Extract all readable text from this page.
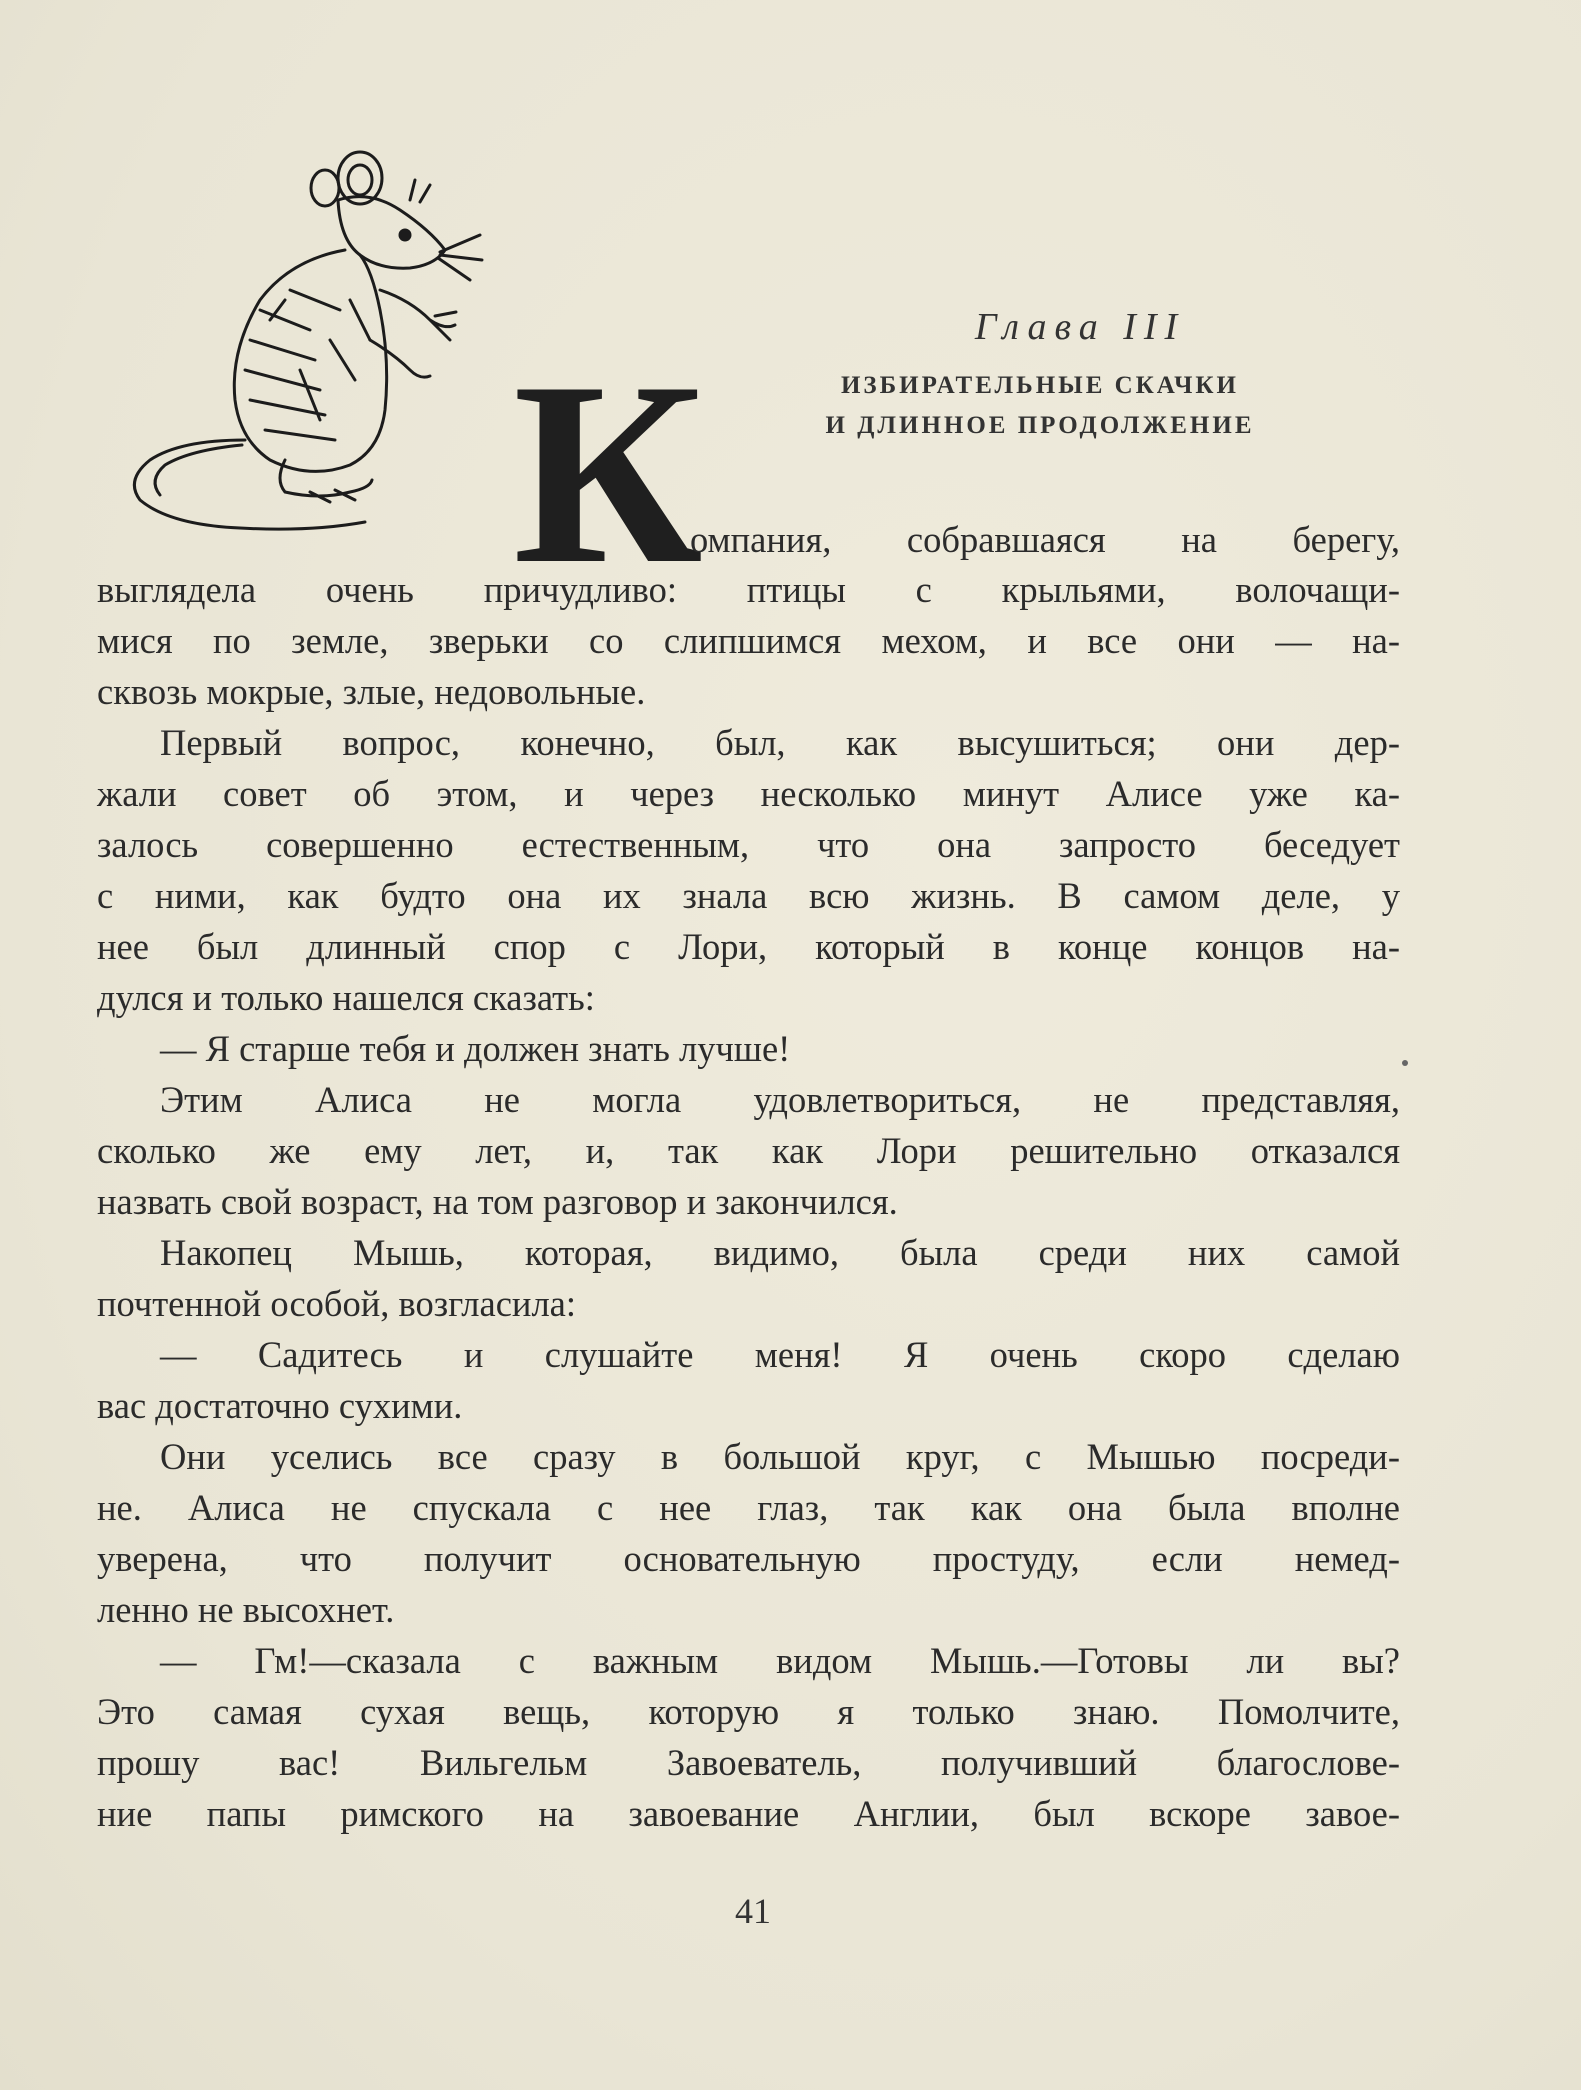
Глава III
ИЗБИРАТЕЛЬНЫЕ СКАЧКИ
И ДЛИННОЕ ПРОДОЛЖЕНИЕ
К
омпания, собравшаяся на берегу,
выглядела очень причудливо: птицы с крыльями, волочащи-
мися по земле, зверьки со слипшимся мехом, и все они — на-
сквозь мокрые, злые, недовольные.
Первый вопрос, конечно, был, как высушиться; они дер-
жали совет об этом, и через несколько минут Алисе уже ка-
залось совершенно естественным, что она запросто беседует
с ними, как будто она их знала всю жизнь. В самом деле, у
нее был длинный спор с Лори, который в конце концов на-
дулся и только нашелся сказать:
— Я старше тебя и должен знать лучше!
Этим Алиса не могла удовлетвориться, не представляя,
сколько же ему лет, и, так как Лори решительно отказался
назвать свой возраст, на том разговор и закончился.
Накопец Мышь, которая, видимо, была среди них самой
почтенной особой, возгласила:
— Садитесь и слушайте меня! Я очень скоро сделаю
вас достаточно сухими.
Они уселись все сразу в большой круг, с Мышью посреди-
не. Алиса не спускала с нее глаз, так как она была вполне
уверена, что получит основательную простуду, если немед-
ленно не высохнет.
— Гм!—сказала с важным видом Мышь.—Готовы ли вы?
Это самая сухая вещь, которую я только знаю. Помолчите,
прошу вас! Вильгельм Завоеватель, получивший благослове-
ние папы римского на завоевание Англии, был вскоре завое-
41
